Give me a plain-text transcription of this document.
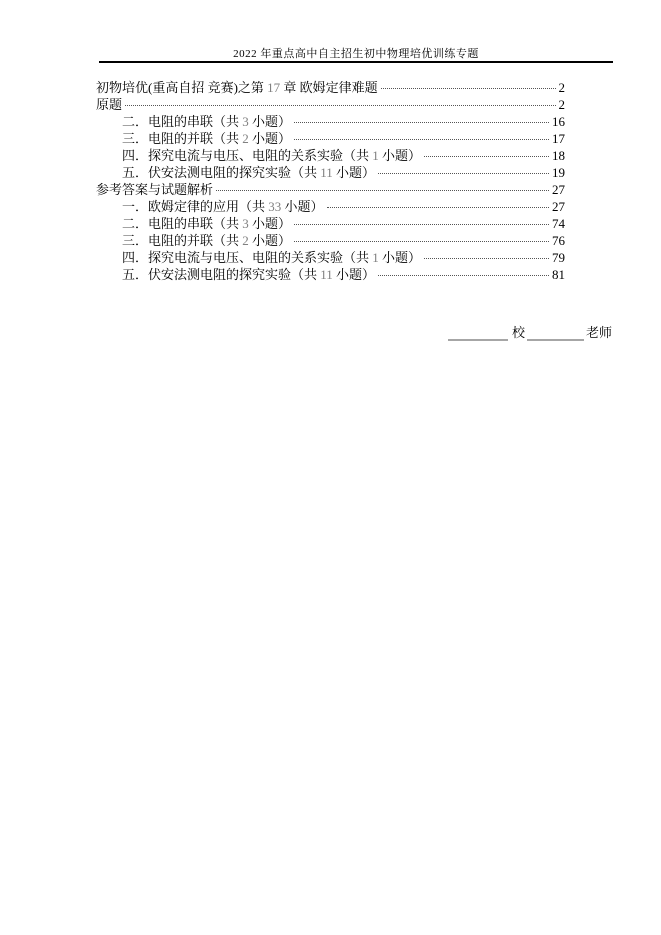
2022 年重点高中自主招生初中物理培优训练专题
初物培优(重高自招 竞赛)之第 17 章 欧姆定律难题	2
原题	2
二．电阻的串联（共 3 小题）	16
三．电阻的并联（共 2 小题）	17
四．探究电流与电压、电阻的关系实验（共 1 小题）	18
五．伏安法测电阻的探究实验（共 11 小题）	19
参考答案与试题解析	27
一．欧姆定律的应用（共 33 小题）	27
二．电阻的串联（共 3 小题）	74
三．电阻的并联（共 2 小题）	76
四．探究电流与电压、电阻的关系实验（共 1 小题）	79
五．伏安法测电阻的探究实验（共 11 小题）	81
校	老师
